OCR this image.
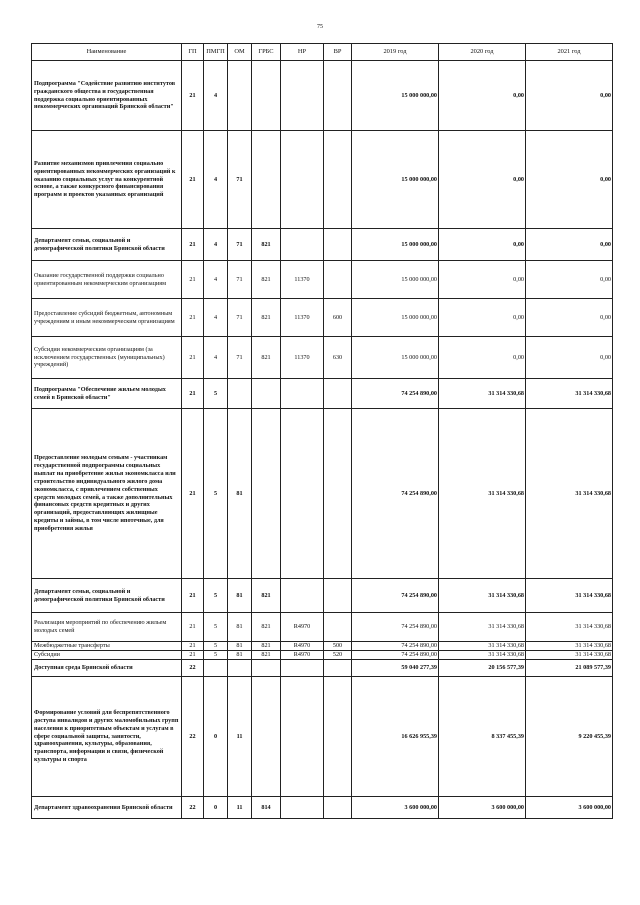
75
Наименование	ГП	ПМГП	ОМ	ГРБС	НР	ВР	2019 год	2020 год	2021 год
Подпрограмма "Содействие развитию институтов гражданского общества и государственная поддержка социально ориентированных некоммерческих организаций Брянской области"	21	4					15 000 000,00	0,00	0,00
Развитие механизмов привлечения социально ориентированных некоммерческих организаций к оказанию социальных услуг на конкурентной основе, а также конкурсного финансирования программ и проектов указанных организаций	21	4	71				15 000 000,00	0,00	0,00
Департамент семьи, социальной и демографической политики Брянской области	21	4	71	821			15 000 000,00	0,00	0,00
Оказание государственной поддержки социально ориентированным некоммерческим организациям	21	4	71	821	11370		15 000 000,00	0,00	0,00
Предоставление субсидий бюджетным, автономным учреждениям и иным некоммерческим организациям	21	4	71	821	11370	600	15 000 000,00	0,00	0,00
Субсидии некоммерческим организациям (за исключением государственных (муниципальных) учреждений)	21	4	71	821	11370	630	15 000 000,00	0,00	0,00
Подпрограмма "Обеспечение жильем молодых семей в Брянской области"	21	5					74 254 890,00	31 314 330,68	31 314 330,68
Предоставление молодым семьям - участникам государственной подпрограммы социальных выплат на приобретение жилья экономкласса или строительство индивидуального жилого дома экономкласса, с привлечением собственных средств молодых семей, а также дополнительных финансовых средств кредитных и других организаций, предоставляющих жилищные кредиты и займы, в том числе ипотечные, для приобретения жилья	21	5	81				74 254 890,00	31 314 330,68	31 314 330,68
Департамент семьи, социальной и демографической политики Брянской области	21	5	81	821			74 254 890,00	31 314 330,68	31 314 330,68
Реализация мероприятий по обеспечению жильем молодых семей	21	5	81	821	R4970		74 254 890,00	31 314 330,68	31 314 330,68
Межбюджетные трансферты	21	5	81	821	R4970	500	74 254 890,00	31 314 330,68	31 314 330,68
Субсидии	21	5	81	821	R4970	520	74 254 890,00	31 314 330,68	31 314 330,68
Доступная среда Брянской области	22						59 040 277,39	20 156 577,39	21 089 577,39
Формирование условий для беспрепятственного доступа инвалидов и других маломобильных групп населения к приоритетным объектам и услугам в сфере социальной защиты, занятости, здравоохранения, культуры, образования, транспорта, информации и связи, физической культуры и спорта	22	0	11				16 626 955,39	8 337 455,39	9 220 455,39
Департамент здравоохранения Брянской области	22	0	11	814			3 600 000,00	3 600 000,00	3 600 000,00
